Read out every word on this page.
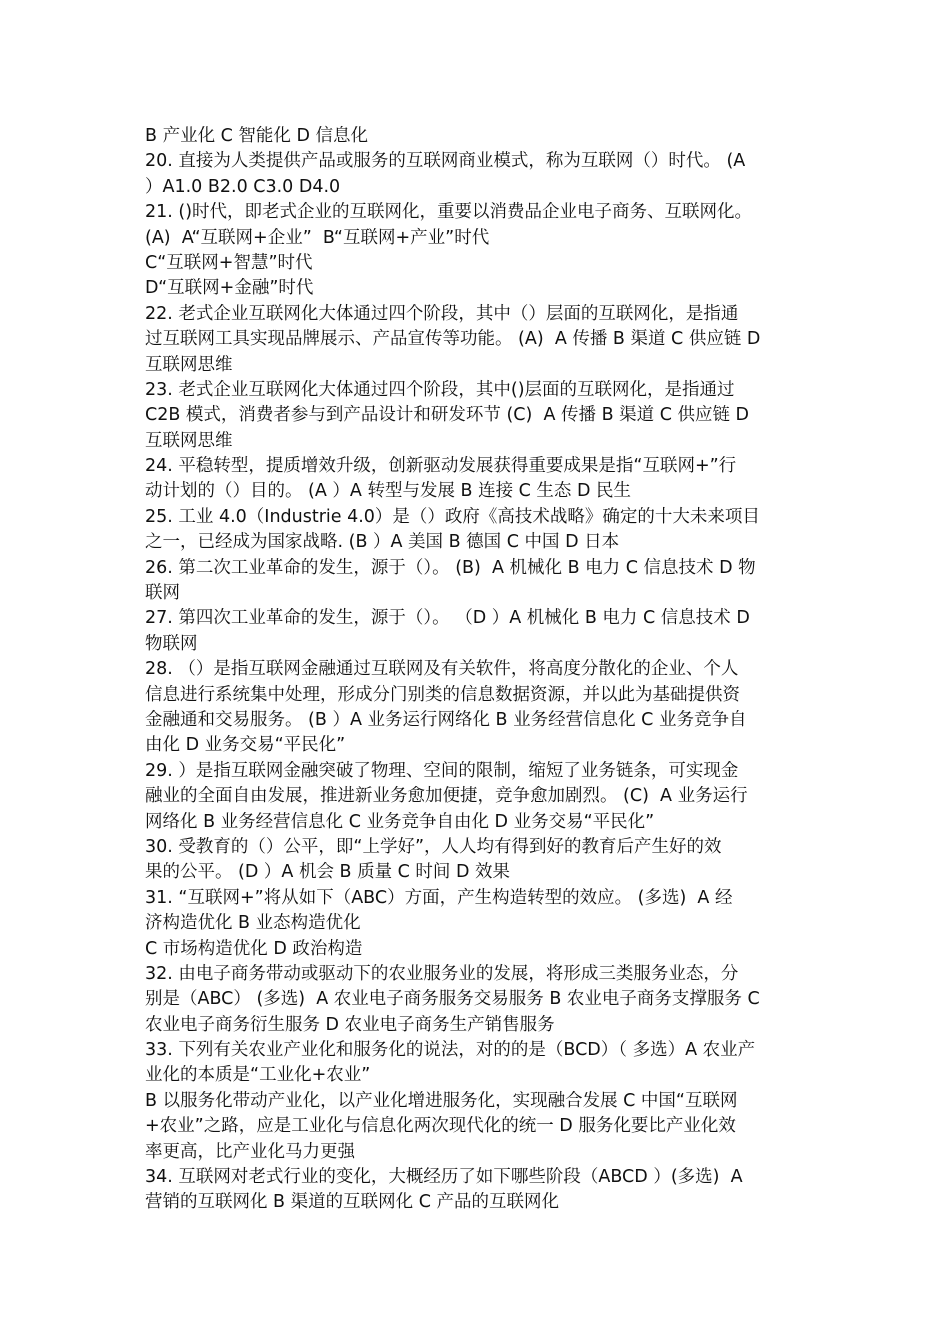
B 产业化 C 智能化 D 信息化
20. 直接为人类提供产品或服务的互联网商业模式，称为互联网（）时代。 (A
）A1.0 B2.0 C3.0 D4.0
21. ()时代，即老式企业的互联网化，重要以消费品企业电子商务、互联网化。
(A)  A“互联网+企业”  B“互联网+产业”时代
C“互联网+智慧”时代
D“互联网+金融”时代
22. 老式企业互联网化大体通过四个阶段，其中（）层面的互联网化，是指通
过互联网工具实现品牌展示、产品宣传等功能。 (A)  A 传播 B 渠道 C 供应链 D
互联网思维
23. 老式企业互联网化大体通过四个阶段，其中()层面的互联网化，是指通过
C2B 模式，消费者参与到产品设计和研发环节 (C)  A 传播 B 渠道 C 供应链 D
互联网思维
24. 平稳转型，提质增效升级，创新驱动发展获得重要成果是指“互联网+”行
动计划的（）目的。 (A ）A 转型与发展 B 连接 C 生态 D 民生
25. 工业 4.0（Industrie 4.0）是（）政府《高技术战略》确定的十大未来项目
之一，已经成为国家战略. (B ）A 美国 B 德国 C 中国 D 日本
26. 第二次工业革命的发生，源于（）。 (B)  A 机械化 B 电力 C 信息技术 D 物
联网
27. 第四次工业革命的发生，源于（）。 （D ）A 机械化 B 电力 C 信息技术 D
物联网
28. （）是指互联网金融通过互联网及有关软件，将高度分散化的企业、个人
信息进行系统集中处理，形成分门别类的信息数据资源，并以此为基础提供资
金融通和交易服务。 (B ）A 业务运行网络化 B 业务经营信息化 C 业务竞争自
由化 D 业务交易“平民化”
29. ）是指互联网金融突破了物理、空间的限制，缩短了业务链条，可实现金
融业的全面自由发展，推进新业务愈加便捷，竞争愈加剧烈。 (C)  A 业务运行
网络化 B 业务经营信息化 C 业务竞争自由化 D 业务交易“平民化”
30. 受教育的（）公平，即“上学好”，人人均有得到好的教育后产生好的效
果的公平。 (D ）A 机会 B 质量 C 时间 D 效果
31. “互联网+”将从如下（ABC）方面，产生构造转型的效应。 (多选)  A 经
济构造优化 B 业态构造优化
C 市场构造优化 D 政治构造
32. 由电子商务带动或驱动下的农业服务业的发展，将形成三类服务业态，分
别是（ABC） (多选)  A 农业电子商务服务交易服务 B 农业电子商务支撑服务 C
农业电子商务衍生服务 D 农业电子商务生产销售服务
33. 下列有关农业产业化和服务化的说法，对的的是（BCD）（ 多选）A 农业产
业化的本质是“工业化+农业”
B 以服务化带动产业化，以产业化增进服务化，实现融合发展 C 中国“互联网
+农业”之路，应是工业化与信息化两次现代化的统一 D 服务化要比产业化效
率更高，比产业化马力更强
34. 互联网对老式行业的变化，大概经历了如下哪些阶段（ABCD ）(多选)  A
营销的互联网化 B 渠道的互联网化 C 产品的互联网化
